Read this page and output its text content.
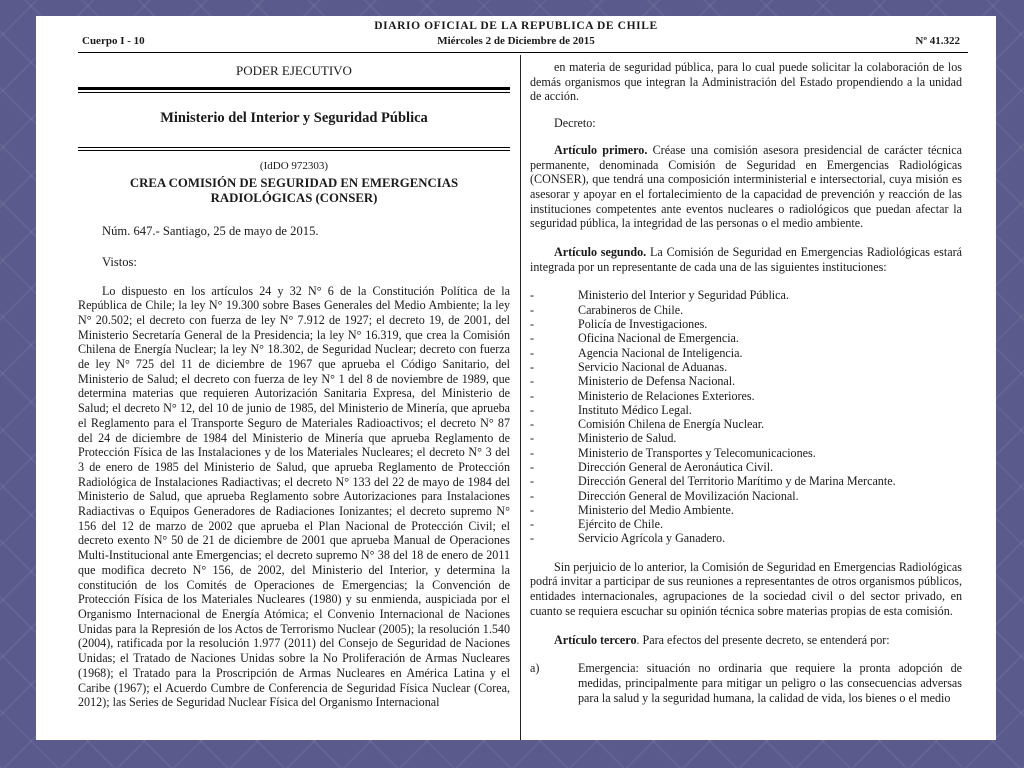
DIARIO OFICIAL DE LA REPUBLICA DE CHILE
Cuerpo I - 10	Miércoles 2 de Diciembre de 2015	Nº 41.322
PODER EJECUTIVO
Ministerio del Interior y Seguridad Pública
(IdDO 972303)
CREA COMISIÓN DE SEGURIDAD EN EMERGENCIAS RADIOLÓGICAS (CONSER)
Núm. 647.- Santiago, 25 de mayo de 2015.
Vistos:

Lo dispuesto en los artículos 24 y 32 N° 6 de la Constitución Política de la República de Chile; la ley N° 19.300 sobre Bases Generales del Medio Ambiente; la ley N° 20.502; el decreto con fuerza de ley N° 7.912 de 1927; el decreto 19, de 2001, del Ministerio Secretaría General de la Presidencia; la ley N° 16.319, que crea la Comisión Chilena de Energía Nuclear; la ley N° 18.302, de Seguridad Nuclear; decreto con fuerza de ley N° 725 del 11 de diciembre de 1967 que aprueba el Código Sanitario, del Ministerio de Salud; el decreto con fuerza de ley N° 1 del 8 de noviembre de 1989, que determina materias que requieren Autorización Sanitaria Expresa, del Ministerio de Salud; el decreto N° 12, del 10 de junio de 1985, del Ministerio de Minería, que aprueba el Reglamento para el Transporte Seguro de Materiales Radioactivos; el decreto N° 87 del 24 de diciembre de 1984 del Ministerio de Minería que aprueba Reglamento de Protección Física de las Instalaciones y de los Materiales Nucleares; el decreto N° 3 del 3 de enero de 1985 del Ministerio de Salud, que aprueba Reglamento de Protección Radiológica de Instalaciones Radiactivas; el decreto N° 133 del 22 de mayo de 1984 del Ministerio de Salud, que aprueba Reglamento sobre Autorizaciones para Instalaciones Radiactivas o Equipos Generadores de Radiaciones Ionizantes; el decreto supremo N° 156 del 12 de marzo de 2002 que aprueba el Plan Nacional de Protección Civil; el decreto exento N° 50 de 21 de diciembre de 2001 que aprueba Manual de Operaciones Multi-Institucional ante Emergencias; el decreto supremo N° 38 del 18 de enero de 2011 que modifica decreto N° 156, de 2002, del Ministerio del Interior, y determina la constitución de los Comités de Operaciones de Emergencias; la Convención de Protección Física de los Materiales Nucleares (1980) y su enmienda, auspiciada por el Organismo Internacional de Energía Atómica; el Convenio Internacional de Naciones Unidas para la Represión de los Actos de Terrorismo Nuclear (2005); la resolución 1.540 (2004), ratificada por la resolución 1.977 (2011) del Consejo de Seguridad de Naciones Unidas; el Tratado de Naciones Unidas sobre la No Proliferación de Armas Nucleares (1968); el Tratado para la Proscripción de Armas Nucleares en América Latina y el Caribe (1967); el Acuerdo Cumbre de Conferencia de Seguridad Física Nuclear (Corea, 2012); las Series de Seguridad Nuclear Física del Organismo Internacional

en materia de seguridad pública, para lo cual puede solicitar la colaboración de los demás organismos que integran la Administración del Estado propendiendo a la unidad de acción.

Decreto:

Artículo primero. Créase una comisión asesora presidencial de carácter técnica permanente, denominada Comisión de Seguridad en Emergencias Radiológicas (CONSER), que tendrá una composición interministerial e intersectorial, cuya misión es asesorar y apoyar en el fortalecimiento de la capacidad de prevención y reacción de las instituciones competentes ante eventos nucleares o radiológicos que puedan afectar la seguridad pública, la integridad de las personas o el medio ambiente.

Artículo segundo. La Comisión de Seguridad en Emergencias Radiológicas estará integrada por un representante de cada una de las siguientes instituciones:

-	Ministerio del Interior y Seguridad Pública.
-	Carabineros de Chile.
-	Policía de Investigaciones.
-	Oficina Nacional de Emergencia.
-	Agencia Nacional de Inteligencia.
-	Servicio Nacional de Aduanas.
-	Ministerio de Defensa Nacional.
-	Ministerio de Relaciones Exteriores.
-	Instituto Médico Legal.
-	Comisión Chilena de Energía Nuclear.
-	Ministerio de Salud.
-	Ministerio de Transportes y Telecomunicaciones.
-	Dirección General de Aeronáutica Civil.
-	Dirección General del Territorio Marítimo y de Marina Mercante.
-	Dirección General de Movilización Nacional.
-	Ministerio del Medio Ambiente.
-	Ejército de Chile.
-	Servicio Agrícola y Ganadero.

Sin perjuicio de lo anterior, la Comisión de Seguridad en Emergencias Radiológicas podrá invitar a participar de sus reuniones a representantes de otros organismos públicos, entidades internacionales, agrupaciones de la sociedad civil o del sector privado, en cuanto se requiera escuchar su opinión técnica sobre materias propias de esta comisión.

Artículo tercero. Para efectos del presente decreto, se entenderá por:

a)	Emergencia: situación no ordinaria que requiere la pronta adopción de medidas, principalmente para mitigar un peligro o las consecuencias adversas para la salud y la seguridad humana, la calidad de vida, los bienes o el medio
